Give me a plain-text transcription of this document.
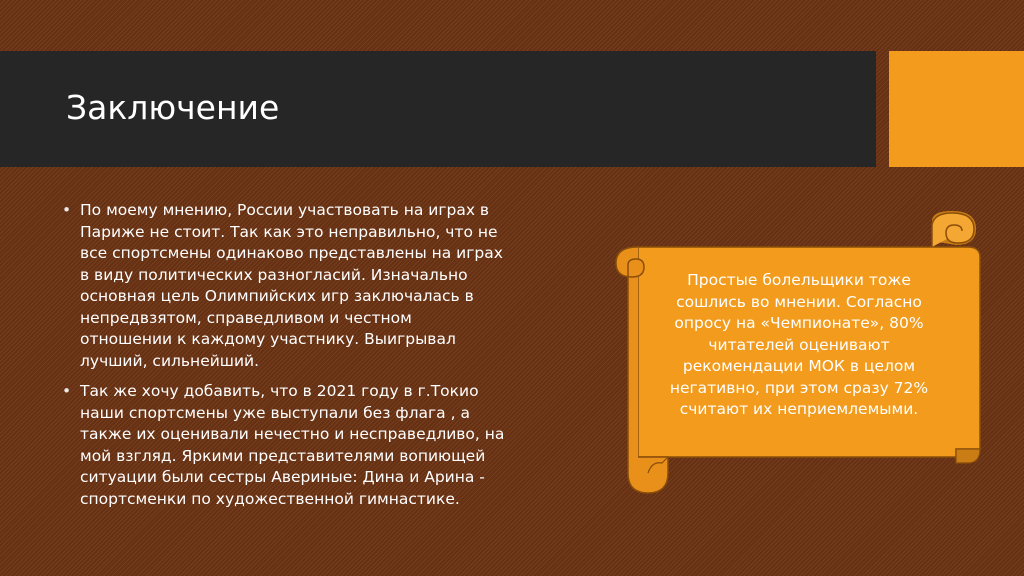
Заключение
• По моему мнению, России участвовать на играх в Париже не стоит. Так как это неправильно, что не все спортсмены одинаково представлены на играх в виду политических разногласий. Изначально основная цель Олимпийских игр заключалась в непредвзятом, справедливом и честном отношении к каждому участнику. Выигрывал лучший, сильнейший.
• Так же хочу добавить, что в 2021 году в г.Токио наши спортсмены уже выступали без флага , а также их оценивали нечестно и несправедливо, на мой взгляд. Яркими представителями вопиющей ситуации были сестры Авериные: Дина и Арина - спортсменки по художественной гимнастике.
Простые болельщики тоже сошлись во мнении. Согласно опросу на «Чемпионате», 80% читателей оценивают рекомендации МОК в целом негативно, при этом сразу 72% считают их неприемлемыми.
